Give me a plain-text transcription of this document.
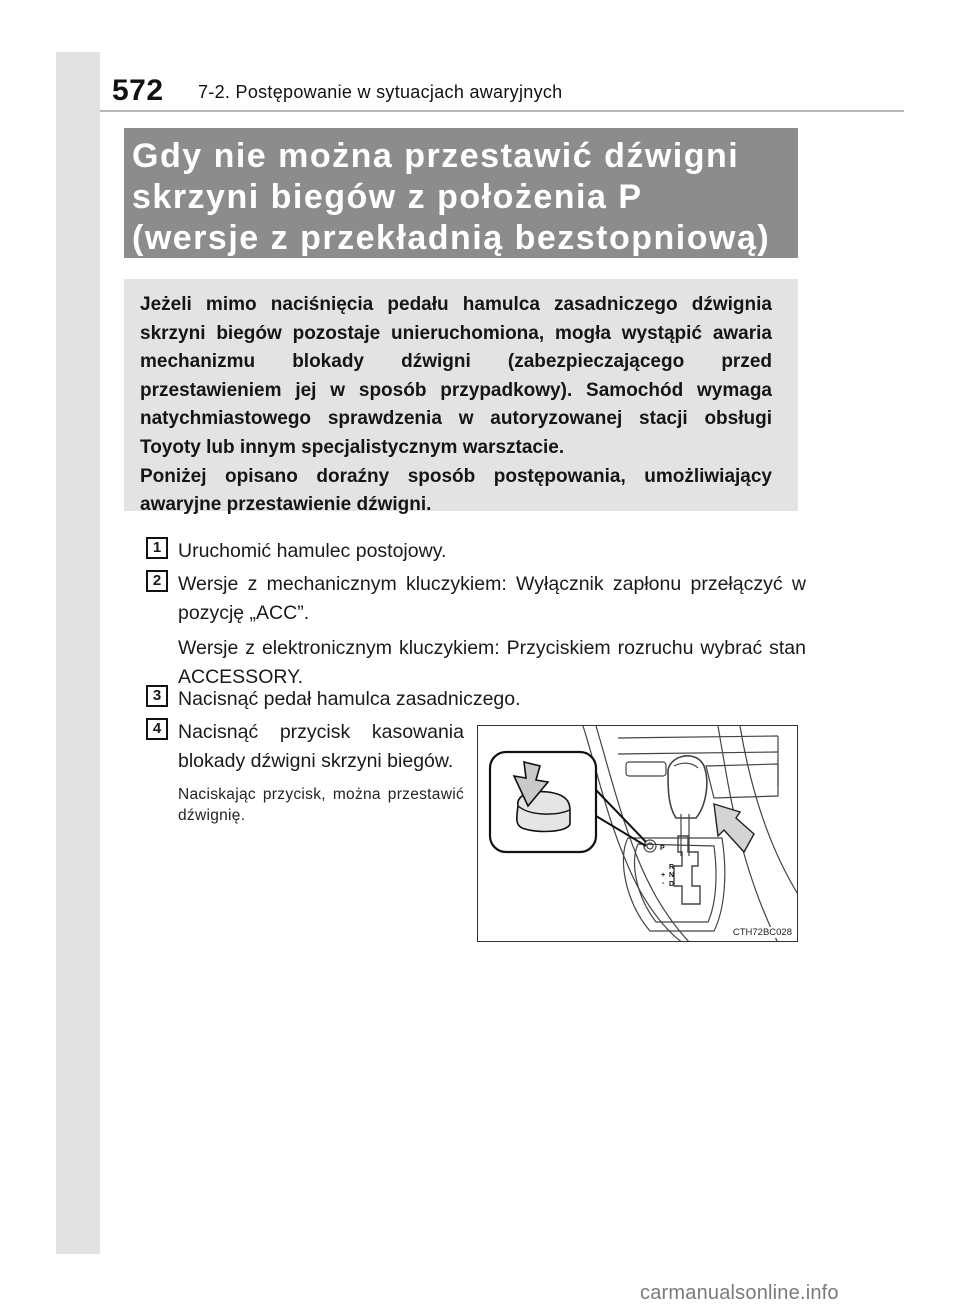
572 7-2. Postępowanie w sytuacjach awaryjnych
Gdy nie można przestawić dźwigni
skrzyni biegów z położenia P
(wersje z przekładnią bezstopniową)

Jeżeli mimo naciśnięcia pedału hamulca zasadniczego dźwignia skrzyni biegów pozostaje unieruchomiona, mogła wystąpić awaria mechanizmu blokady dźwigni (zabezpieczającego przed przestawieniem jej w sposób przypadkowy). Samochód wymaga natychmiastowego sprawdzenia w autoryzowanej stacji obsługi Toyoty lub innym specjalistycznym warsztacie.

Poniżej opisano doraźny sposób postępowania, umożliwiający awaryjne przestawienie dźwigni.

1 Uruchomić hamulec postojowy.
2 Wersje z mechanicznym kluczykiem: Wyłącznik zapłonu przełączyć w pozycję „ACC”.

Wersje z elektronicznym kluczykiem: Przyciskiem rozruchu wybrać stan ACCESSORY.

3 Nacisnąć pedał hamulca zasadniczego.
4 Nacisnąć przycisk kasowania blokady dźwigni skrzyni biegów.

Naciskając przycisk, można przestawić dźwignię.

P
R
N
D
+
-
CTH72BC028
carmanualsonline.info
